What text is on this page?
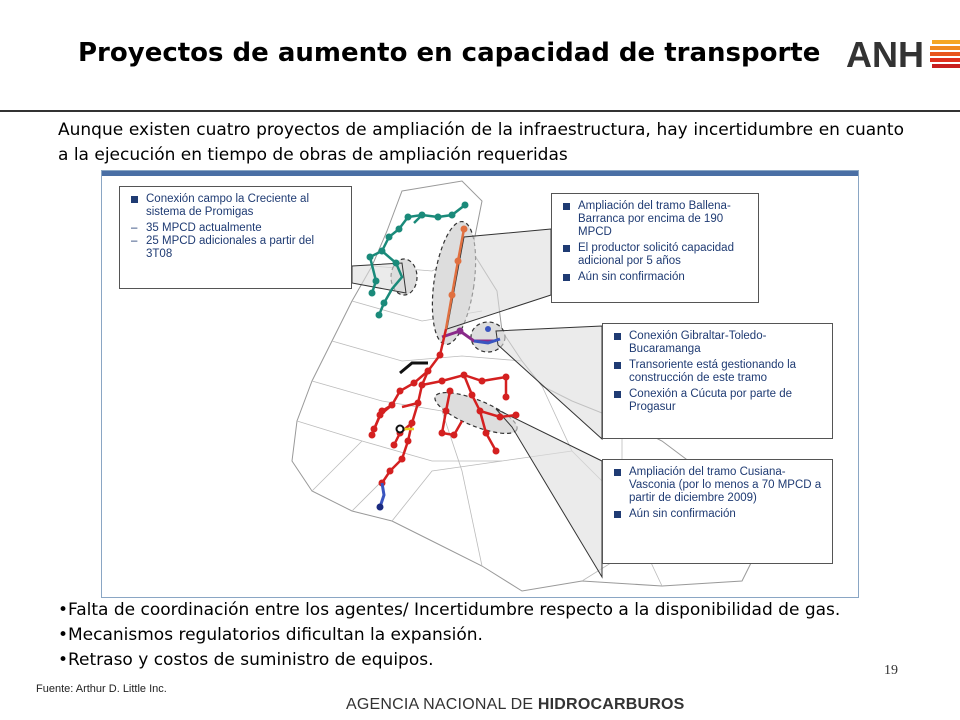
Proyectos de aumento en capacidad de transporte ANH
Aunque existen cuatro proyectos de ampliación de la infraestructura, hay incertidumbre en cuanto a la ejecución en tiempo de obras de ampliación requeridas
Conexión campo la Creciente al sistema de Promigas
– 35 MPCD actualmente
– 25 MPCD adicionales a partir del 3T08
Ampliación del tramo Ballena-Barranca por encima de 190 MPCD
El productor solicitó capacidad adicional por 5 años
Aún sin confirmación
Conexión Gibraltar-Toledo-Bucaramanga
Transoriente está gestionando la construcción de este tramo
Conexión a Cúcuta por parte de Progasur
Ampliación del tramo Cusiana-Vasconia (por lo menos a 70 MPCD a partir de diciembre 2009)
Aún sin confirmación
• Falta de coordinación entre los agentes/ Incertidumbre respecto a la disponibilidad de gas.
• Mecanismos regulatorios dificultan la expansión.
• Retraso y costos de suministro de equipos.
19
Fuente: Arthur D. Little Inc.
AGENCIA NACIONAL DE HIDROCARBUROS
